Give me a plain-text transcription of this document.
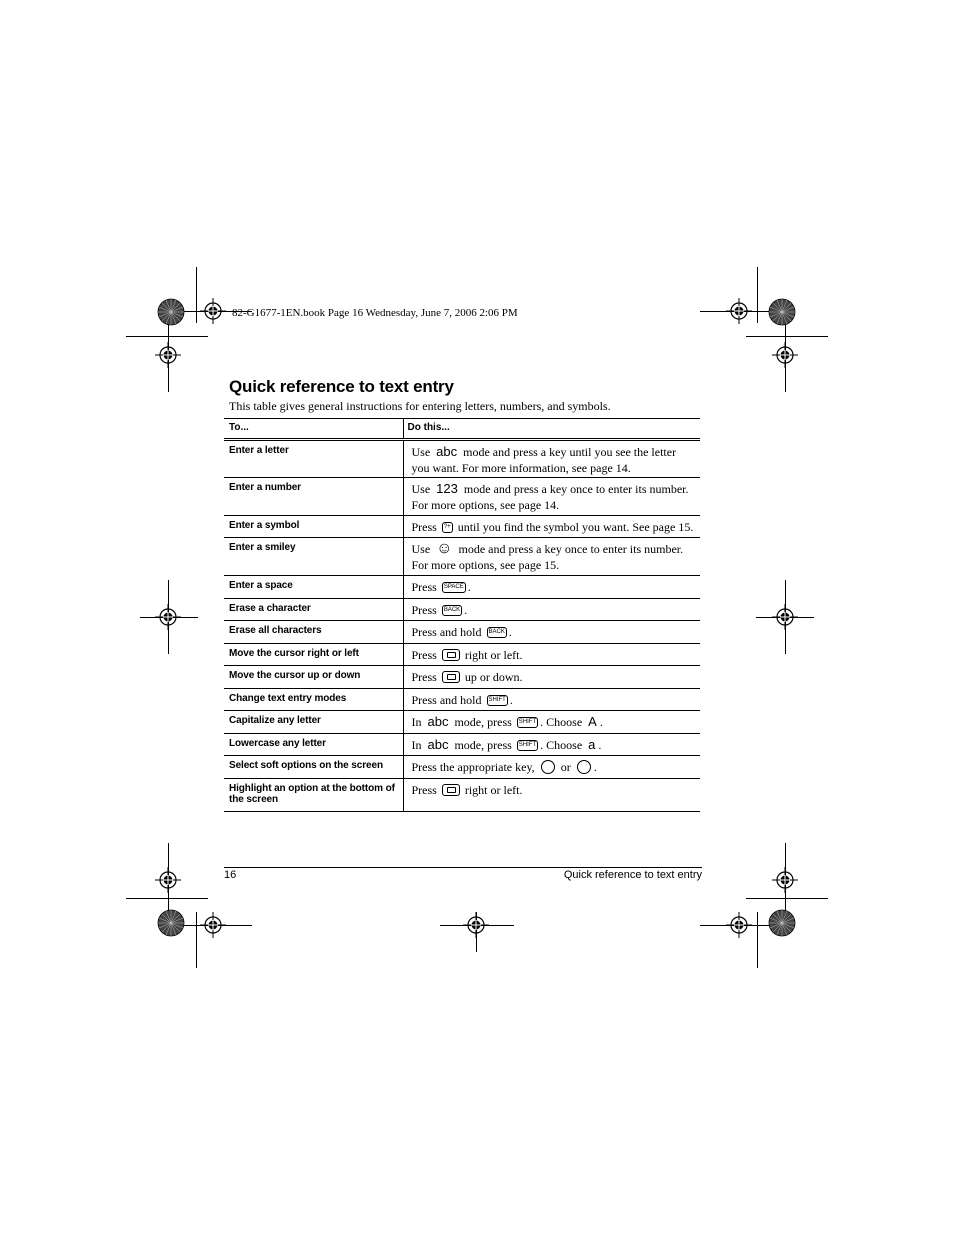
82-G1677-1EN.book Page 16 Wednesday, June 7, 2006 2:06 PM
Quick reference to text entry
This table gives general instructions for entering letters, numbers, and symbols.
To...	Do this...
Enter a letter	Use abc mode and press a key until you see the letter you want. For more information, see page 14.
Enter a number	Use 123 mode and press a key once to enter its number. For more options, see page 14.
Enter a symbol	Press ?+ until you find the symbol you want. See page 15.
Enter a smiley	Use ☺ mode and press a key once to enter its number. For more options, see page 15.
Enter a space	Press SPACE .
Erase a character	Press BACK .
Erase all characters	Press and hold BACK .
Move the cursor right or left	Press right or left.
Move the cursor up or down	Press up or down.
Change text entry modes	Press and hold SHIFT .
Capitalize any letter	In abc mode, press SHIFT . Choose A .
Lowercase any letter	In abc mode, press SHIFT . Choose a .
Select soft options on the screen	Press the appropriate key, or .
Highlight an option at the bottom of the screen	Press right or left.
16	Quick reference to text entry
